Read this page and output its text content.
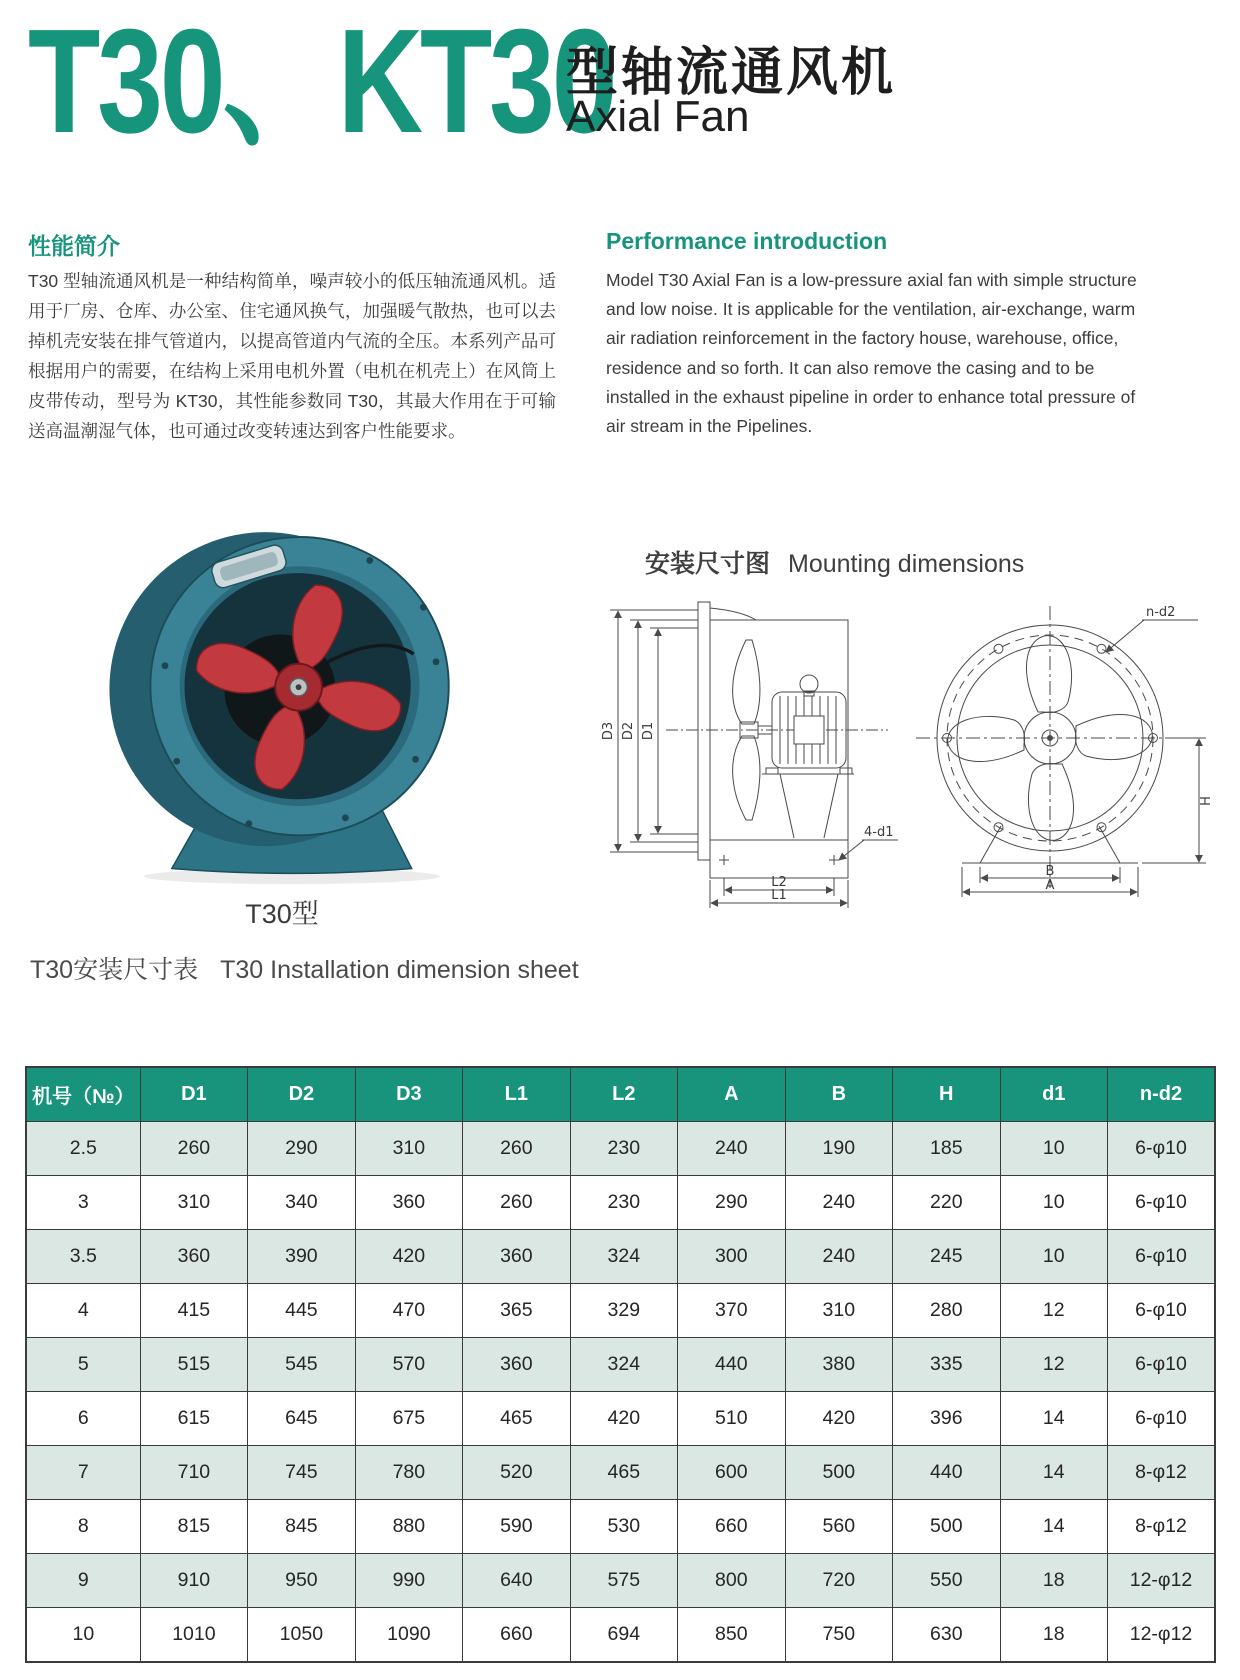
T30、KT30
型轴流通风机
Axial Fan
性能简介
T30 型轴流通风机是一种结构简单，噪声较小的低压轴流通风机。适用于厂房、仓库、办公室、住宅通风换气，加强暖气散热，也可以去掉机壳安装在排气管道内，以提高管道内气流的全压。本系列产品可根据用户的需要，在结构上采用电机外置（电机在机壳上）在风筒上皮带传动，型号为 KT30，其性能参数同 T30，其最大作用在于可输送高温潮湿气体，也可通过改变转速达到客户性能要求。
Performance introduction
Model T30 Axial Fan is a low-pressure axial fan with simple structure and low noise. It is applicable for the ventilation, air-exchange, warm air radiation reinforcement in the factory house, warehouse, office, residence and so forth. It can also remove the casing and to be installed in the exhaust pipeline in order to enhance total pressure of air stream in the Pipelines.
T30型
安装尺寸图 Mounting dimensions
D3 D2 D1
4-d1
L2
L1
n-d2
H
B
A
T30安装尺寸表 T30 Installation dimension sheet
机号（№）	D1	D2	D3	L1	L2	A	B	H	d1	n-d2
2.5	260	290	310	260	230	240	190	185	10	6-φ10
3	310	340	360	260	230	290	240	220	10	6-φ10
3.5	360	390	420	360	324	300	240	245	10	6-φ10
4	415	445	470	365	329	370	310	280	12	6-φ10
5	515	545	570	360	324	440	380	335	12	6-φ10
6	615	645	675	465	420	510	420	396	14	6-φ10
7	710	745	780	520	465	600	500	440	14	8-φ12
8	815	845	880	590	530	660	560	500	14	8-φ12
9	910	950	990	640	575	800	720	550	18	12-φ12
10	1010	1050	1090	660	694	850	750	630	18	12-φ12
